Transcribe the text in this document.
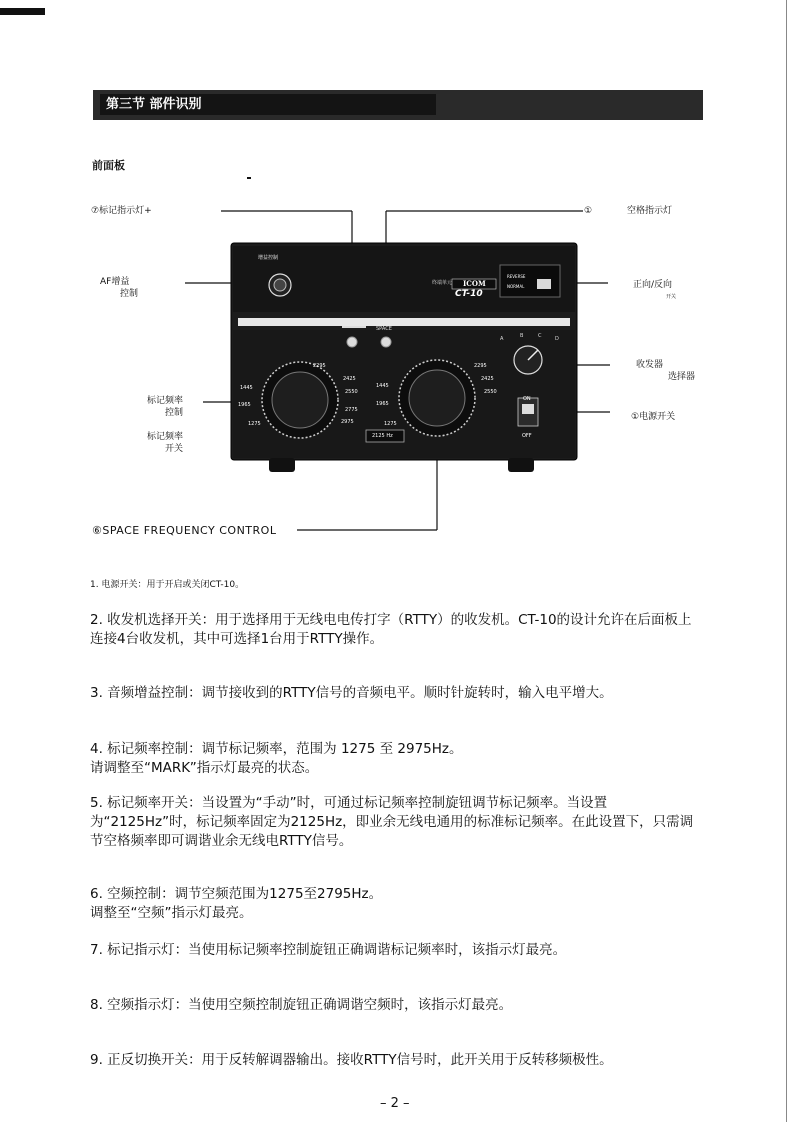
第三节 部件识别
前面板
增益控制
终端单元 ICOM
CT-10
REVERSE
NORMAL
SPACE
A	B	C	D
ON
OFF
2125 Hz
2295
2425
2550
2775
2975
1445
1965
1275
2295
2425
2550
1445
1965
1275
⑦标记指示灯+	①	空格指示灯
AF增益
控制
正向/反向
开关
标记频率
控制
收发器
选择器
①电源开关
标记频率
开关
⑥SPACE FREQUENCY CONTROL
1. 电源开关：用于开启或关闭CT-10。
2. 收发机选择开关：用于选择用于无线电电传打字（RTTY）的收发机。CT-10的设计允许在后面板上连接4台收发机，其中可选择1台用于RTTY操作。
3. 音频增益控制：调节接收到的RTTY信号的音频电平。顺时针旋转时，输入电平增大。
4. 标记频率控制：调节标记频率，范围为 1275 至 2975Hz。
请调整至“MARK”指示灯最亮的状态。
5. 标记频率开关：当设置为“手动”时，可通过标记频率控制旋钮调节标记频率。当设置
为“2125Hz”时，标记频率固定为2125Hz，即业余无线电通用的标准标记频率。在此设置下，只需调节空格频率即可调谐业余无线电RTTY信号。
6. 空频控制：调节空频范围为1275至2795Hz。
调整至“空频”指示灯最亮。
7. 标记指示灯：当使用标记频率控制旋钮正确调谐标记频率时，该指示灯最亮。
8. 空频指示灯：当使用空频控制旋钮正确调谐空频时，该指示灯最亮。
9. 正反切换开关：用于反转解调器输出。接收RTTY信号时，此开关用于反转移频极性。
– 2 –
